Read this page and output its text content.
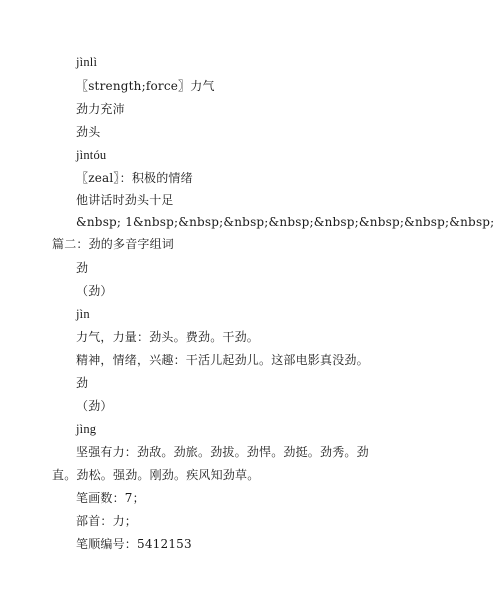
jìnlì
〖strength;force〗力气
劲力充沛
劲头
jìntóu
〖zeal〗：积极的情绪
他讲话时劲头十足
&nbsp; 1&nbsp;&nbsp;&nbsp;&nbsp;&nbsp;&nbsp;&nbsp;&nbsp;
篇二：劲的多音字组词
劲
（劲）
jìn
力气，力量：劲头。费劲。干劲。
精神，情绪，兴趣：干活儿起劲儿。这部电影真没劲。
劲
（劲）
jìng
坚强有力：劲敌。劲旅。劲拔。劲悍。劲挺。劲秀。劲
直。劲松。强劲。刚劲。疾风知劲草。
笔画数：7；
部首：力；
笔顺编号：5412153
